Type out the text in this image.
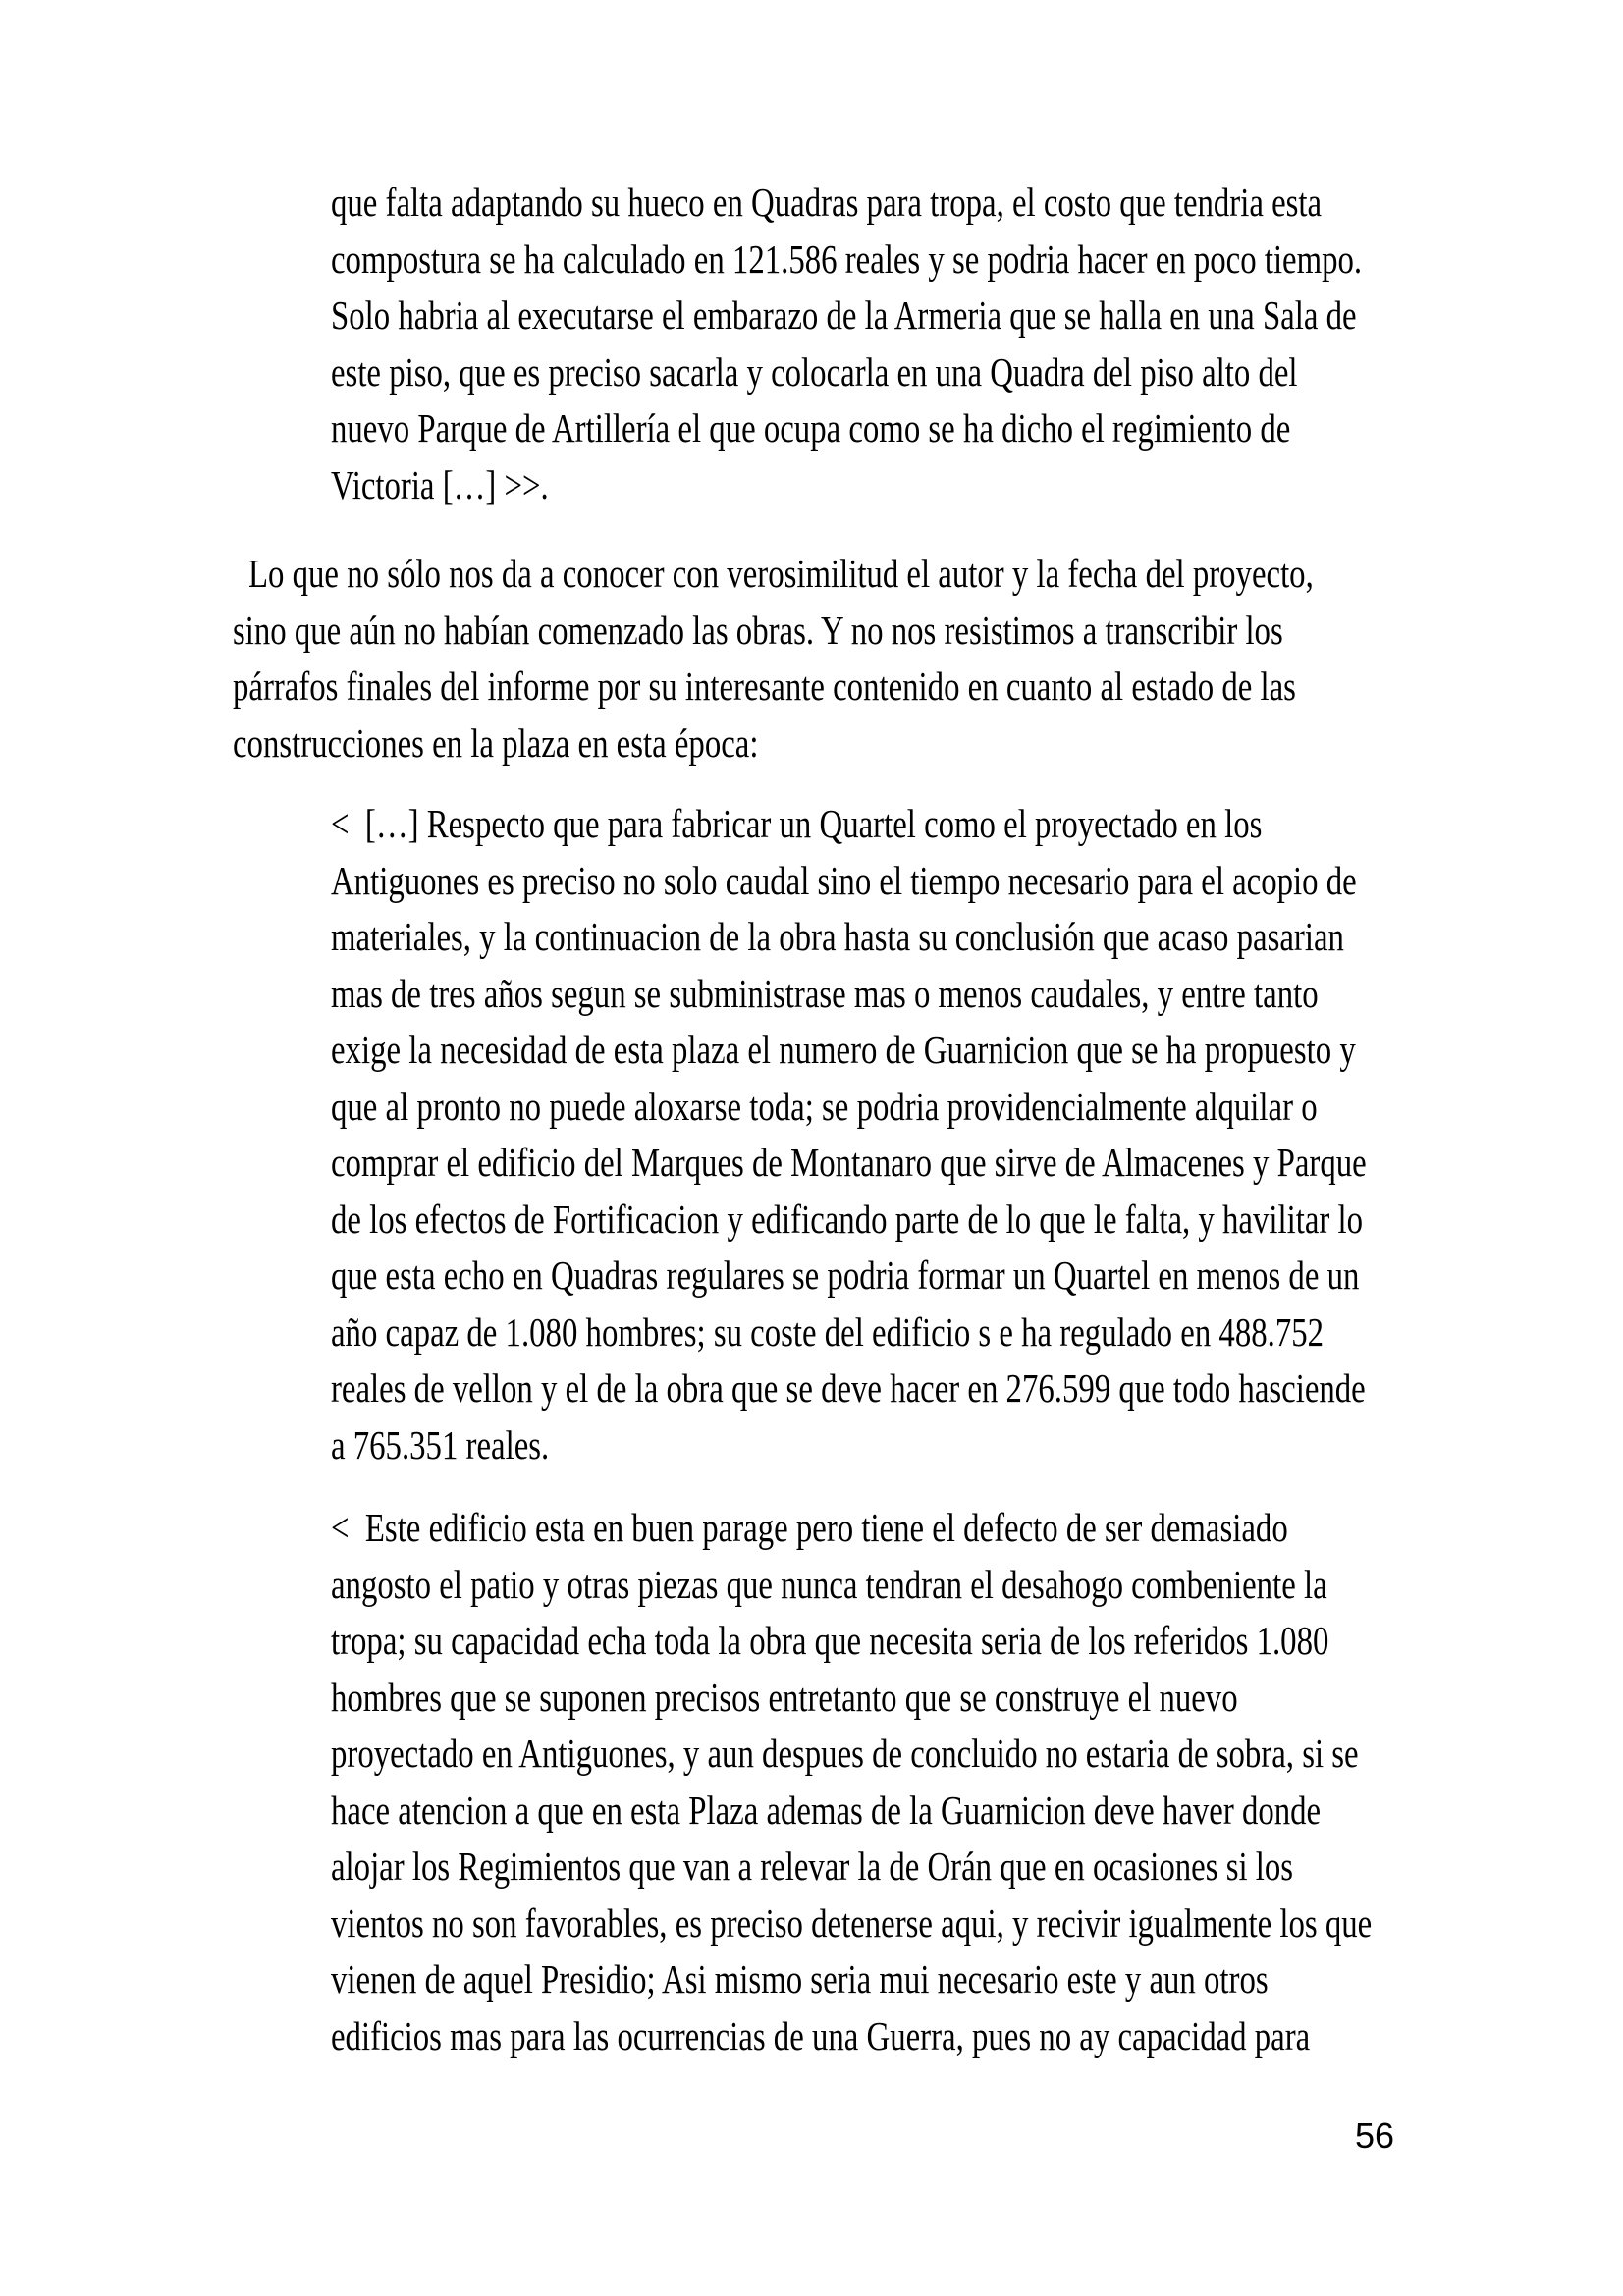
que falta adaptando su hueco en Quadras para tropa, el costo que tendria esta
compostura se ha calculado en 121.586 reales y se podria hacer en poco tiempo.
Solo habria al executarse el embarazo de la Armeria que se halla en una Sala de
este piso, que es preciso sacarla y colocarla en una Quadra del piso alto del
nuevo Parque de Artillería el que ocupa como se ha dicho el regimiento de
Victoria […] >>.
Lo que no sólo nos da a conocer con verosimilitud el autor y la fecha del proyecto,
sino que aún no habían comenzado las obras. Y no nos resistimos a transcribir los
párrafos finales del informe por su interesante contenido en cuanto al estado de las
construcciones en la plaza en esta época:
<  […] Respecto que para fabricar un Quartel como el proyectado en los
Antiguones es preciso no solo caudal sino el tiempo necesario para el acopio de
materiales, y la continuacion de la obra hasta su conclusión que acaso pasarian
mas de tres años segun se subministrase mas o menos caudales, y entre tanto
exige la necesidad de esta plaza el numero de Guarnicion que se ha propuesto y
que al pronto no puede aloxarse toda; se podria providencialmente alquilar o
comprar el edificio del Marques de Montanaro que sirve de Almacenes y Parque
de los efectos de Fortificacion y edificando parte de lo que le falta, y havilitar lo
que esta echo en Quadras regulares se podria formar un Quartel en menos de un
año capaz de 1.080 hombres; su coste del edificio s e ha regulado en 488.752
reales de vellon y el de la obra que se deve hacer en 276.599 que todo hasciende
a 765.351 reales.
<  Este edificio esta en buen parage pero tiene el defecto de ser demasiado
angosto el patio y otras piezas que nunca tendran el desahogo combeniente la
tropa; su capacidad echa toda la obra que necesita seria de los referidos 1.080
hombres que se suponen precisos entretanto que se construye el nuevo
proyectado en Antiguones, y aun despues de concluido no estaria de sobra, si se
hace atencion a que en esta Plaza ademas de la Guarnicion deve haver donde
alojar los Regimientos que van a relevar la de Orán que en ocasiones si los
vientos no son favorables, es preciso detenerse aqui, y recivir igualmente los que
vienen de aquel Presidio; Asi mismo seria mui necesario este y aun otros
edificios mas para las ocurrencias de una Guerra, pues no ay capacidad para
56
